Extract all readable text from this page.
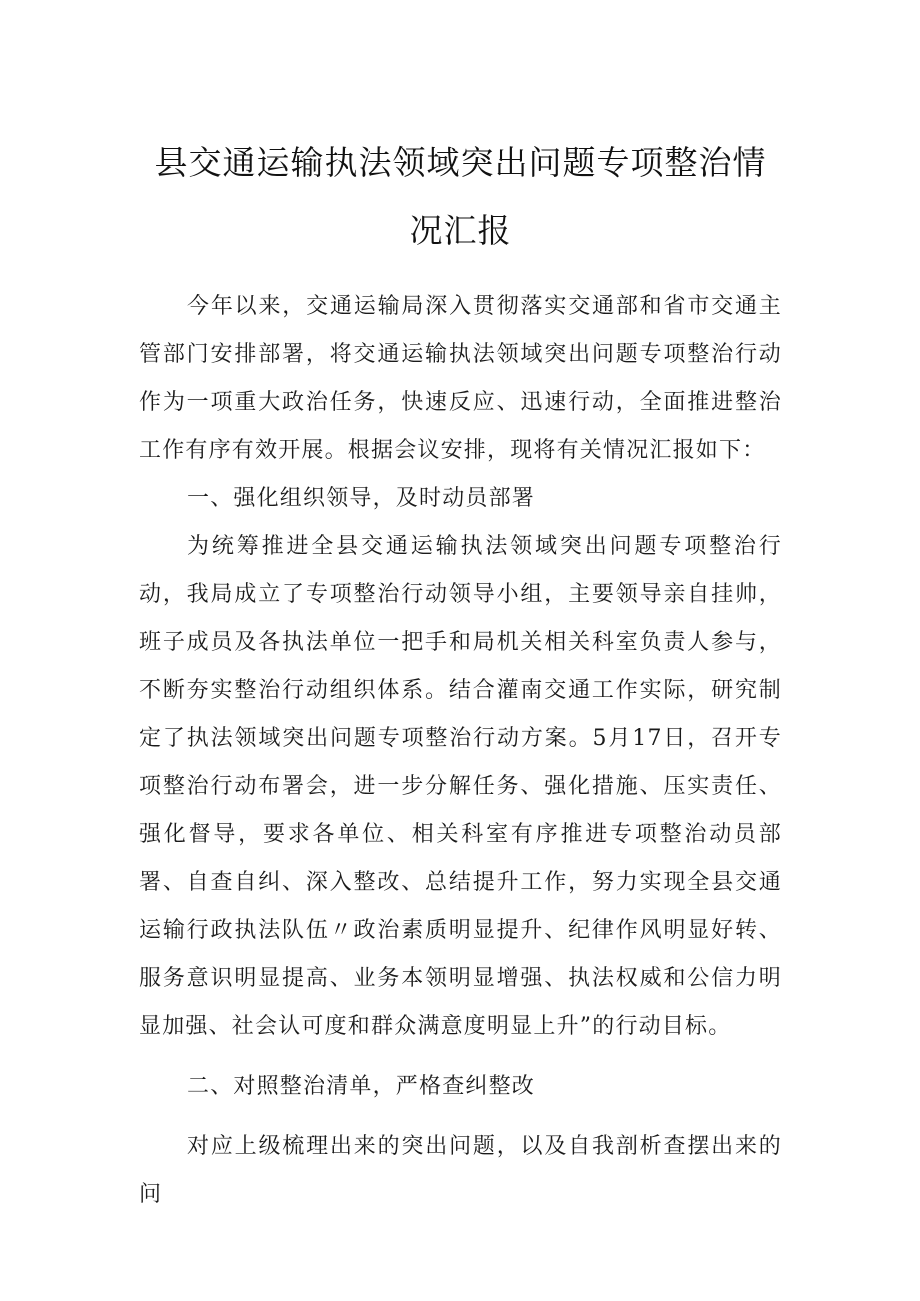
县交通运输执法领域突出问题专项整治情
况汇报

今年以来，交通运输局深入贯彻落实交通部和省市交通主管部门安排部署，将交通运输执法领域突出问题专项整治行动作为一项重大政治任务，快速反应、迅速行动，全面推进整治工作有序有效开展。根据会议安排，现将有关情况汇报如下：

一、强化组织领导，及时动员部署

为统筹推进全县交通运输执法领域突出问题专项整治行动，我局成立了专项整治行动领导小组，主要领导亲自挂帅，班子成员及各执法单位一把手和局机关相关科室负责人参与，不断夯实整治行动组织体系。结合灌南交通工作实际，研究制定了执法领域突出问题专项整治行动方案。5月17日，召开专项整治行动布署会，进一步分解任务、强化措施、压实责任、强化督导，要求各单位、相关科室有序推进专项整治动员部署、自查自纠、深入整改、总结提升工作，努力实现全县交通运输行政执法队伍〃政治素质明显提升、纪律作风明显好转、服务意识明显提高、业务本领明显增强、执法权威和公信力明显加强、社会认可度和群众满意度明显上升”的行动目标。

二、对照整治清单，严格查纠整改

对应上级梳理出来的突出问题，以及自我剖析查摆出来的问
